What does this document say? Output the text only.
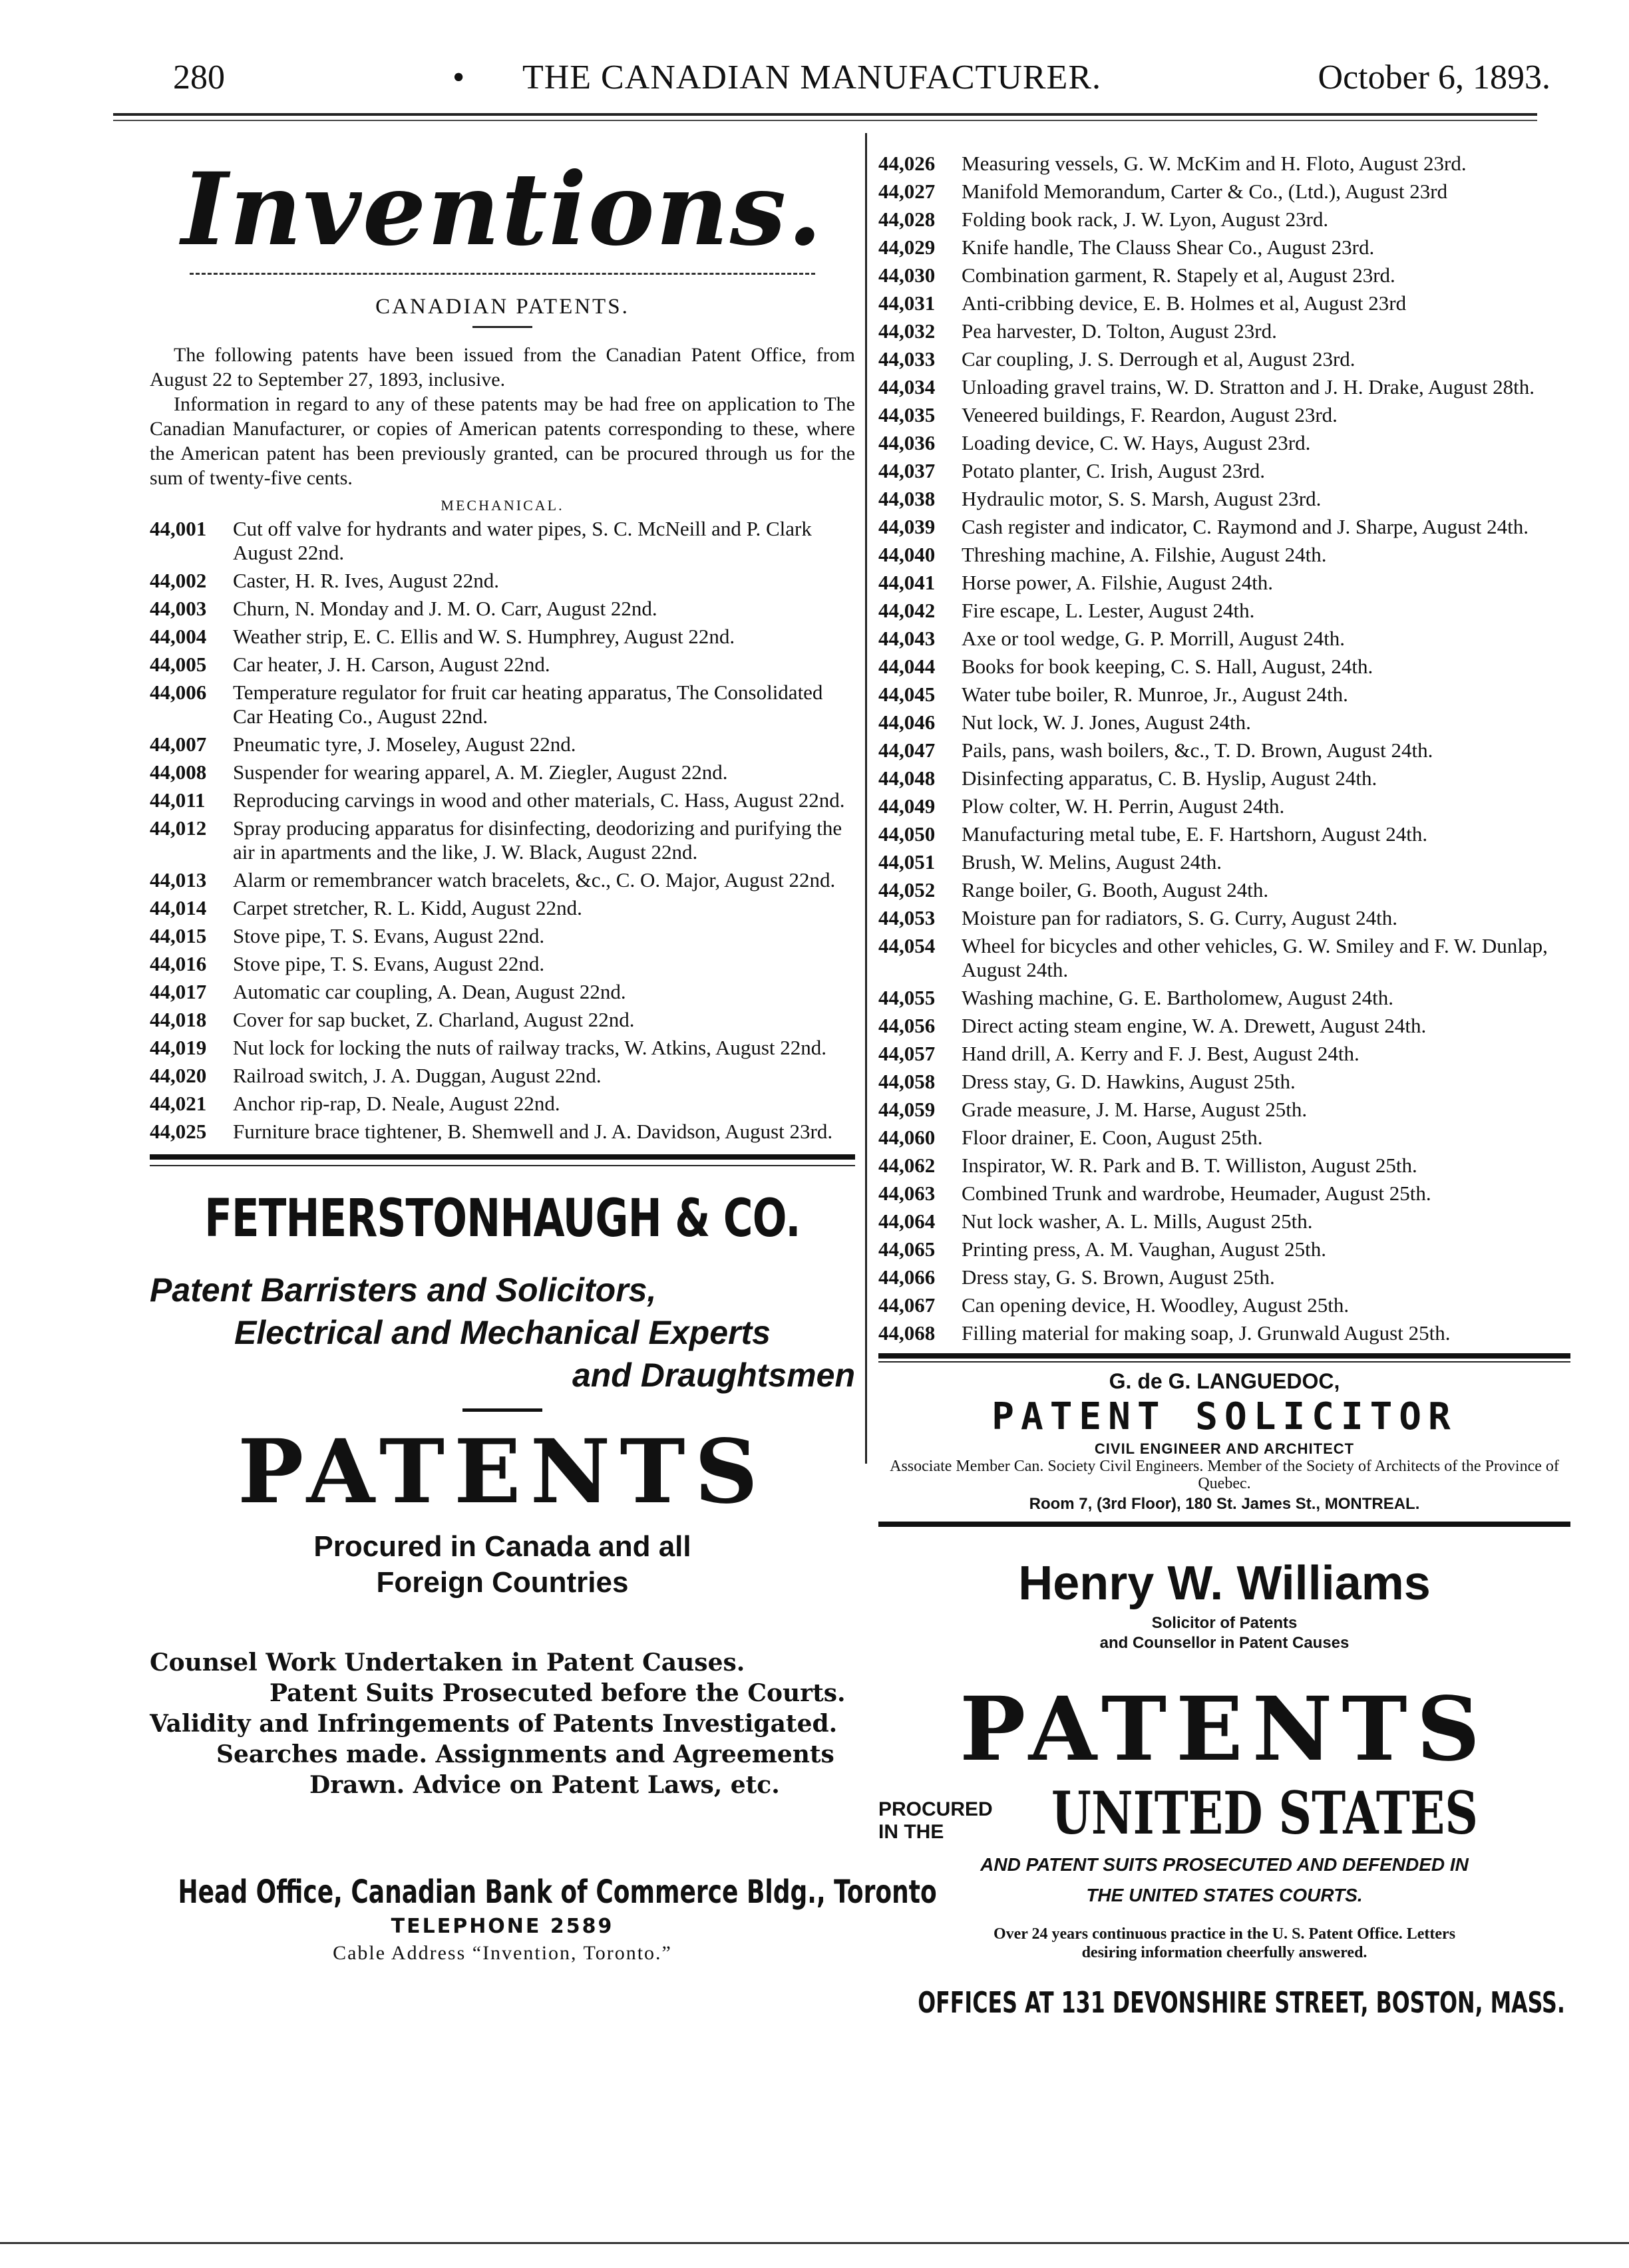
280	•	THE CANADIAN MANUFACTURER.	October 6, 1893.
Inventions.
CANADIAN PATENTS.

The following patents have been issued from the Canadian Patent Office, from August 22 to September 27, 1893, inclusive.

Information in regard to any of these patents may be had free on application to The Canadian Manufacturer, or copies of American patents corresponding to these, where the American patent has been previously granted, can be procured through us for the sum of twenty-five cents.

MECHANICAL.
44,001 Cut off valve for hydrants and water pipes, S. C. McNeill and P. Clark August 22nd.
44,002 Caster, H. R. Ives, August 22nd.
44,003 Churn, N. Monday and J. M. O. Carr, August 22nd.
44,004 Weather strip, E. C. Ellis and W. S. Humphrey, August 22nd.
44,005 Car heater, J. H. Carson, August 22nd.
44,006 Temperature regulator for fruit car heating apparatus, The Consolidated Car Heating Co., August 22nd.
44,007 Pneumatic tyre, J. Moseley, August 22nd.
44,008 Suspender for wearing apparel, A. M. Ziegler, August 22nd.
44,011 Reproducing carvings in wood and other materials, C. Hass, August 22nd.
44,012 Spray producing apparatus for disinfecting, deodorizing and purifying the air in apartments and the like, J. W. Black, August 22nd.
44,013 Alarm or remembrancer watch bracelets, &c., C. O. Major, August 22nd.
44,014 Carpet stretcher, R. L. Kidd, August 22nd.
44,015 Stove pipe, T. S. Evans, August 22nd.
44,016 Stove pipe, T. S. Evans, August 22nd.
44,017 Automatic car coupling, A. Dean, August 22nd.
44,018 Cover for sap bucket, Z. Charland, August 22nd.
44,019 Nut lock for locking the nuts of railway tracks, W. Atkins, August 22nd.
44,020 Railroad switch, J. A. Duggan, August 22nd.
44,021 Anchor rip-rap, D. Neale, August 22nd.
44,025 Furniture brace tightener, B. Shemwell and J. A. Davidson, August 23rd.
FETHERSTONHAUGH & CO.
Patent Barristers and Solicitors,
Electrical and Mechanical Experts
and Draughtsmen
PATENTS
Procured in Canada and all
Foreign Countries
Counsel Work Undertaken in Patent Causes.
Patent Suits Prosecuted before the Courts.
Validity and Infringements of Patents Investigated.
Searches made. Assignments and Agreements
Drawn. Advice on Patent Laws, etc.
Head Office, Canadian Bank of Commerce Bldg., Toronto
TELEPHONE 2589
Cable Address “Invention, Toronto.”
44,026 Measuring vessels, G. W. McKim and H. Floto, August 23rd.
44,027 Manifold Memorandum, Carter & Co., (Ltd.), August 23rd
44,028 Folding book rack, J. W. Lyon, August 23rd.
44,029 Knife handle, The Clauss Shear Co., August 23rd.
44,030 Combination garment, R. Stapely et al, August 23rd.
44,031 Anti-cribbing device, E. B. Holmes et al, August 23rd
44,032 Pea harvester, D. Tolton, August 23rd.
44,033 Car coupling, J. S. Derrough et al, August 23rd.
44,034 Unloading gravel trains, W. D. Stratton and J. H. Drake, August 28th.
44,035 Veneered buildings, F. Reardon, August 23rd.
44,036 Loading device, C. W. Hays, August 23rd.
44,037 Potato planter, C. Irish, August 23rd.
44,038 Hydraulic motor, S. S. Marsh, August 23rd.
44,039 Cash register and indicator, C. Raymond and J. Sharpe, August 24th.
44,040 Threshing machine, A. Filshie, August 24th.
44,041 Horse power, A. Filshie, August 24th.
44,042 Fire escape, L. Lester, August 24th.
44,043 Axe or tool wedge, G. P. Morrill, August 24th.
44,044 Books for book keeping, C. S. Hall, August, 24th.
44,045 Water tube boiler, R. Munroe, Jr., August 24th.
44,046 Nut lock, W. J. Jones, August 24th.
44,047 Pails, pans, wash boilers, &c., T. D. Brown, August 24th.
44,048 Disinfecting apparatus, C. B. Hyslip, August 24th.
44,049 Plow colter, W. H. Perrin, August 24th.
44,050 Manufacturing metal tube, E. F. Hartshorn, August 24th.
44,051 Brush, W. Melins, August 24th.
44,052 Range boiler, G. Booth, August 24th.
44,053 Moisture pan for radiators, S. G. Curry, August 24th.
44,054 Wheel for bicycles and other vehicles, G. W. Smiley and F. W. Dunlap, August 24th.
44,055 Washing machine, G. E. Bartholomew, August 24th.
44,056 Direct acting steam engine, W. A. Drewett, August 24th.
44,057 Hand drill, A. Kerry and F. J. Best, August 24th.
44,058 Dress stay, G. D. Hawkins, August 25th.
44,059 Grade measure, J. M. Harse, August 25th.
44,060 Floor drainer, E. Coon, August 25th.
44,062 Inspirator, W. R. Park and B. T. Williston, August 25th.
44,063 Combined Trunk and wardrobe, Heumader, August 25th.
44,064 Nut lock washer, A. L. Mills, August 25th.
44,065 Printing press, A. M. Vaughan, August 25th.
44,066 Dress stay, G. S. Brown, August 25th.
44,067 Can opening device, H. Woodley, August 25th.
44,068 Filling material for making soap, J. Grunwald August 25th.
G. de G. LANGUEDOC,
PATENT SOLICITOR
CIVIL ENGINEER AND ARCHITECT
Associate Member Can. Society Civil Engineers. Member of the Society of Architects of the Province of Quebec.
Room 7, (3rd Floor), 180 St. James St., MONTREAL.
Henry W. Williams
Solicitor of Patents
and Counsellor in Patent Causes
PATENTS
PROCURED
IN THE	UNITED STATES
AND PATENT SUITS PROSECUTED AND DEFENDED IN
THE UNITED STATES COURTS.
Over 24 years continuous practice in the U. S. Patent Office. Letters
desiring information cheerfully answered.
OFFICES AT 131 DEVONSHIRE STREET, BOSTON, MASS.
